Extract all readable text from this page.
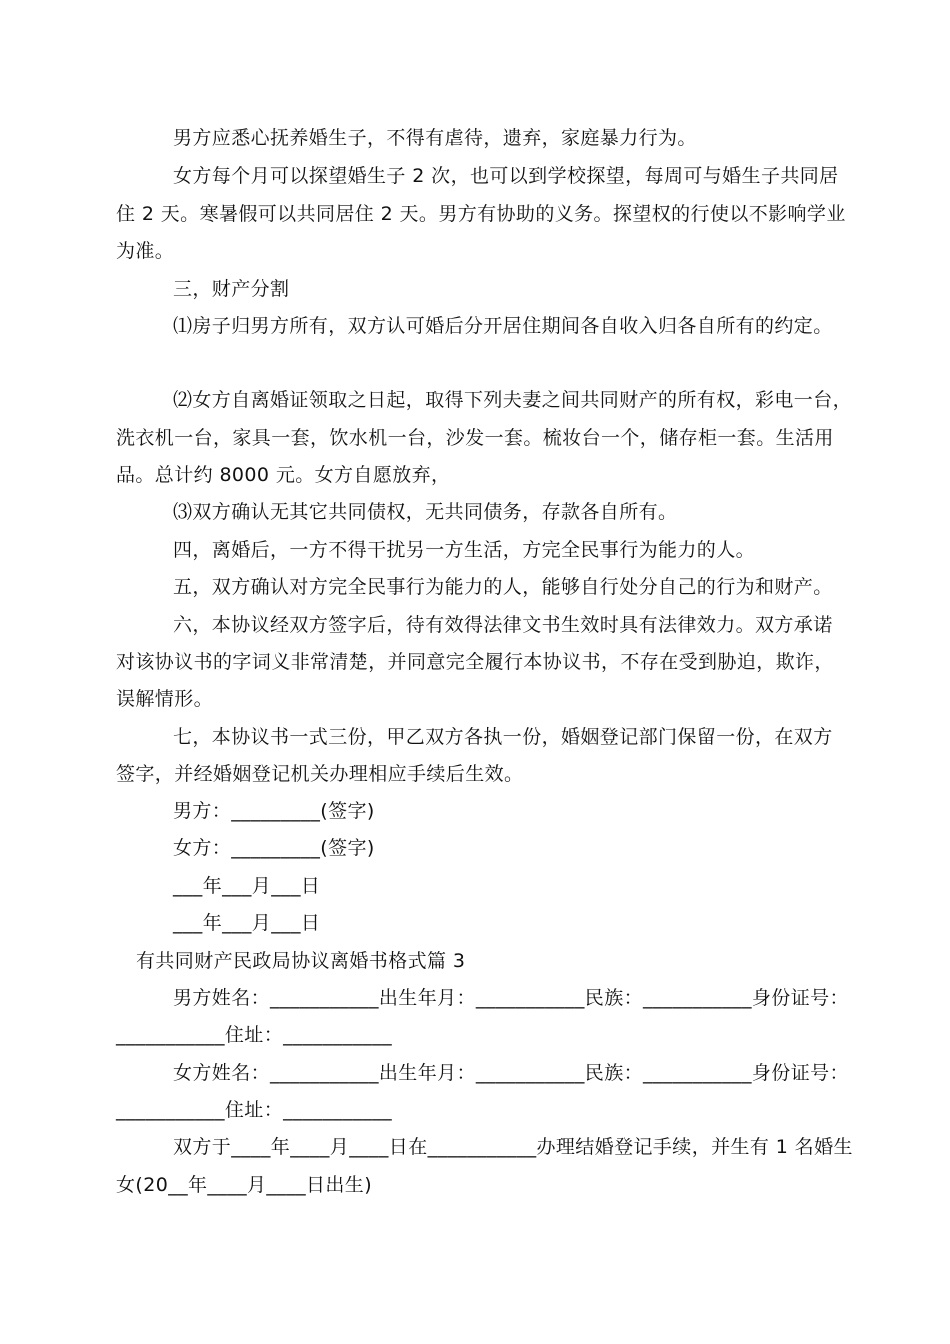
男方应悉心抚养婚生子，不得有虐待，遗弃，家庭暴力行为。

女方每个月可以探望婚生子 2 次，也可以到学校探望，每周可与婚生子共同居

住 2 天。寒暑假可以共同居住 2 天。男方有协助的义务。探望权的行使以不影响学业

为准。

三，财产分割

⑴房子归男方所有，双方认可婚后分开居住期间各自收入归各自所有的约定。

⑵女方自离婚证领取之日起，取得下列夫妻之间共同财产的所有权，彩电一台，

洗衣机一台，家具一套，饮水机一台，沙发一套。梳妆台一个，储存柜一套。生活用

品。总计约 8000 元。女方自愿放弃，

⑶双方确认无其它共同债权，无共同债务，存款各自所有。

四，离婚后，一方不得干扰另一方生活，方完全民事行为能力的人。

五，双方确认对方完全民事行为能力的人，能够自行处分自己的行为和财产。

六，本协议经双方签字后，待有效得法律文书生效时具有法律效力。双方承诺

对该协议书的字词义非常清楚，并同意完全履行本协议书，不存在受到胁迫，欺诈，

误解情形。

七，本协议书一式三份，甲乙双方各执一份，婚姻登记部门保留一份，在双方

签字，并经婚姻登记机关办理相应手续后生效。

男方：_________(签字)

女方：_________(签字)

___年___月___日

___年___月___日

有共同财产民政局协议离婚书格式篇 3

男方姓名：___________出生年月：___________民族：___________身份证号：

___________住址：___________

女方姓名：___________出生年月：___________民族：___________身份证号：

___________住址：___________

双方于____年____月____日在___________办理结婚登记手续，并生有 1 名婚生

女(20__年____月____日出生)
